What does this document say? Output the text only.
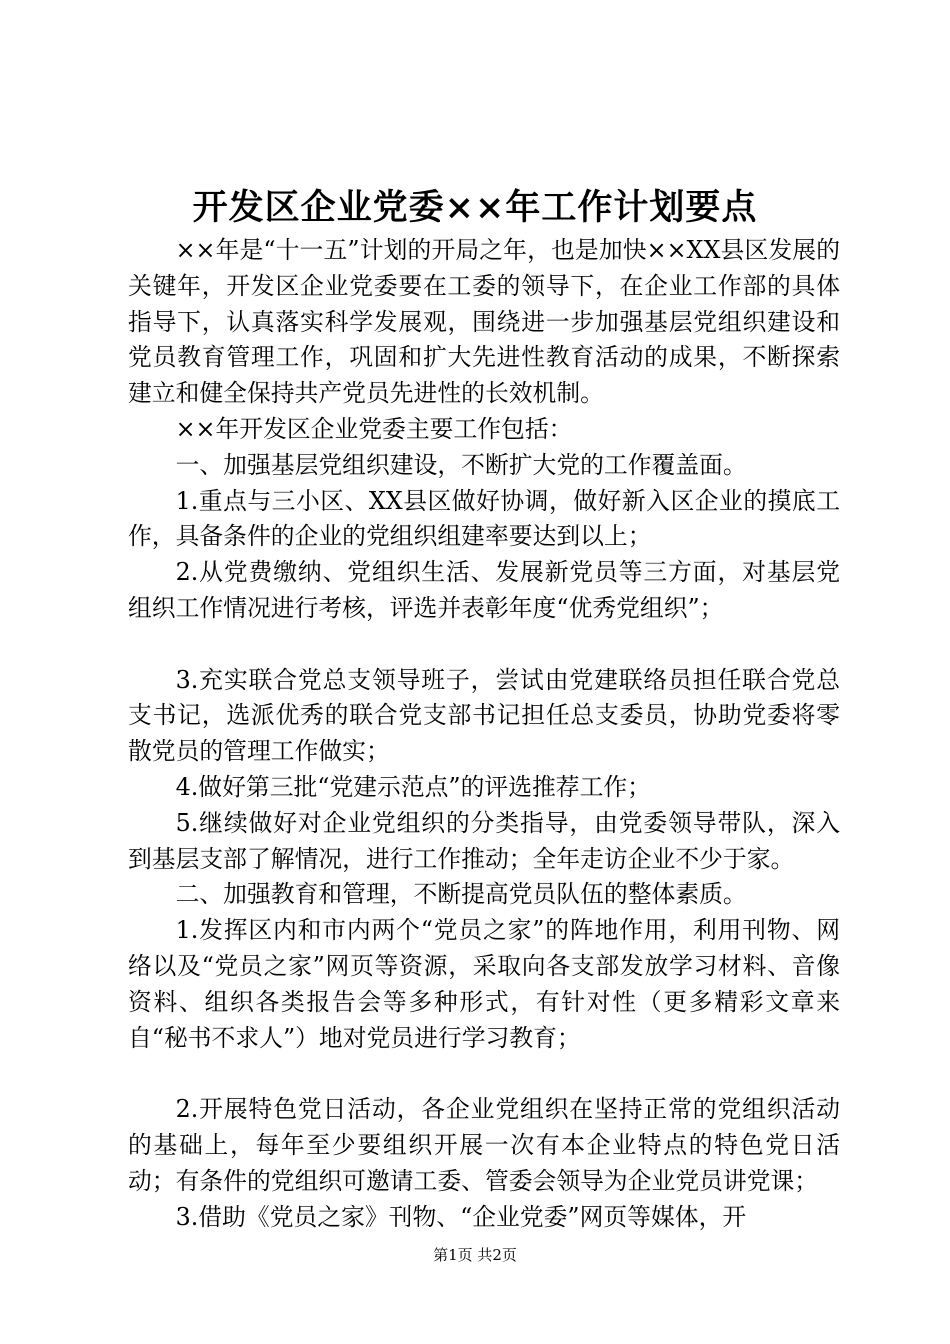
开发区企业党委××年工作计划要点

××年是“十一五”计划的开局之年，也是加快××XX县区发展的关键年，开发区企业党委要在工委的领导下，在企业工作部的具体指导下，认真落实科学发展观，围绕进一步加强基层党组织建设和党员教育管理工作，巩固和扩大先进性教育活动的成果，不断探索建立和健全保持共产党员先进性的长效机制。

××年开发区企业党委主要工作包括：

一、加强基层党组织建设，不断扩大党的工作覆盖面。

1.重点与三小区、XX县区做好协调，做好新入区企业的摸底工作，具备条件的企业的党组织组建率要达到以上；

2.从党费缴纳、党组织生活、发展新党员等三方面，对基层党组织工作情况进行考核，评选并表彰年度“优秀党组织”；

3.充实联合党总支领导班子，尝试由党建联络员担任联合党总支书记，选派优秀的联合党支部书记担任总支委员，协助党委将零散党员的管理工作做实；

4.做好第三批“党建示范点”的评选推荐工作；

5.继续做好对企业党组织的分类指导，由党委领导带队，深入到基层支部了解情况，进行工作推动；全年走访企业不少于家。

二、加强教育和管理，不断提高党员队伍的整体素质。

1.发挥区内和市内两个“党员之家”的阵地作用，利用刊物、网络以及“党员之家”网页等资源，采取向各支部发放学习材料、音像资料、组织各类报告会等多种形式，有针对性（更多精彩文章来自“秘书不求人”）地对党员进行学习教育；

2.开展特色党日活动，各企业党组织在坚持正常的党组织活动的基础上，每年至少要组织开展一次有本企业特点的特色党日活动；有条件的党组织可邀请工委、管委会领导为企业党员讲党课；

3.借助《党员之家》刊物、“企业党委”网页等媒体，开

第1页 共2页
